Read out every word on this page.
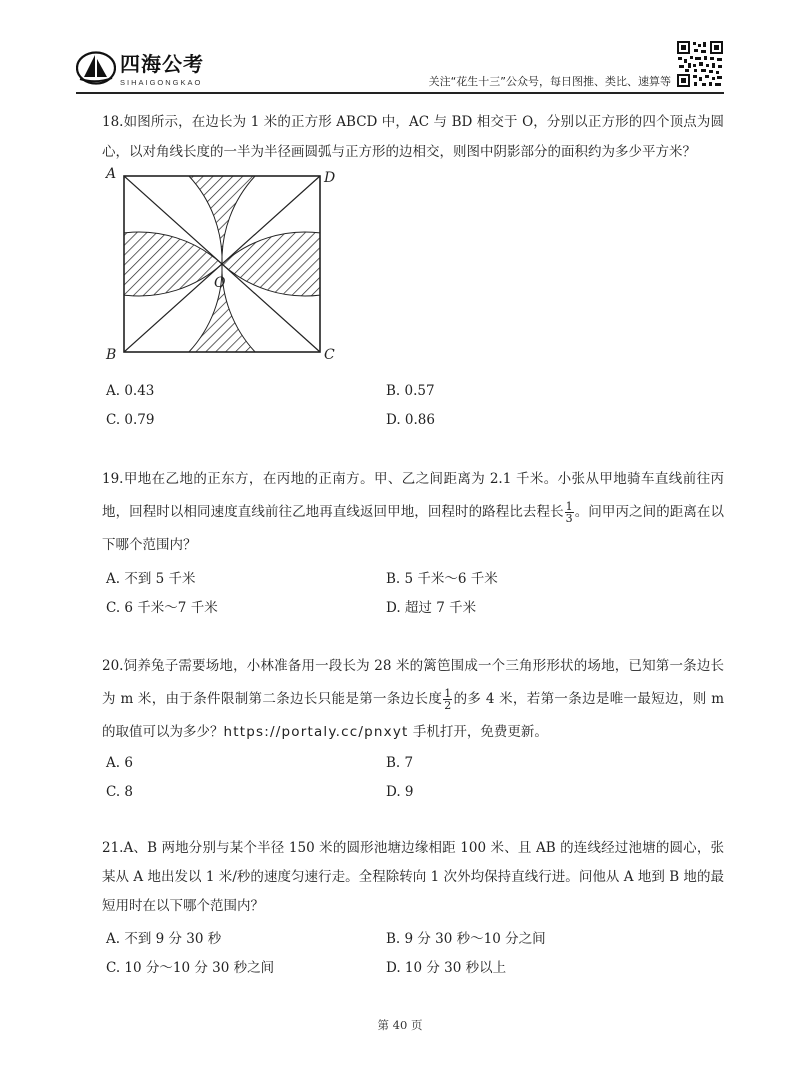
四海公考
SIHAIGONGKAO	关注“花生十三”公众号，每日图推、类比、速算等

18.如图所示，在边长为 1 米的正方形 ABCD 中，AC 与 BD 相交于 O，分别以正方形的四个顶点为圆心，以对角线长度的一半为半径画圆弧与正方形的边相交，则图中阴影部分的面积约为多少平方米？

A	D
B	C
O
A. 0.43	B. 0.57
C. 0.79	D. 0.86

19.甲地在乙地的正东方，在丙地的正南方。甲、乙之间距离为 2.1 千米。小张从甲地骑车直线前往丙地，回程时以相同速度直线前往乙地再直线返回甲地，回程时的路程比去程长 $\frac{1}{3}$ 。问甲丙之间的距离在以下哪个范围内？

A. 不到 5 千米	B. 5 千米～6 千米
C. 6 千米～7 千米	D. 超过 7 千米

20.饲养兔子需要场地，小林准备用一段长为 28 米的篱笆围成一个三角形形状的场地，已知第一条边长为 m 米，由于条件限制第二条边长只能是第一条边长度 $\frac{1}{2}$ 的多 4 米，若第一条边是唯一最短边，则 m 的取值可以为多少？https://portaly.cc/pnxyt 手机打开，免费更新。

A. 6	B. 7
C. 8	D. 9

21.A、B 两地分别与某个半径 150 米的圆形池塘边缘相距 100 米、且 AB 的连线经过池塘的圆心，张某从 A 地出发以 1 米/秒的速度匀速行走。全程除转向 1 次外均保持直线行进。问他从 A 地到 B 地的最短用时在以下哪个范围内？

A. 不到 9 分 30 秒	B. 9 分 30 秒～10 分之间
C. 10 分～10 分 30 秒之间	D. 10 分 30 秒以上
第 40 页
